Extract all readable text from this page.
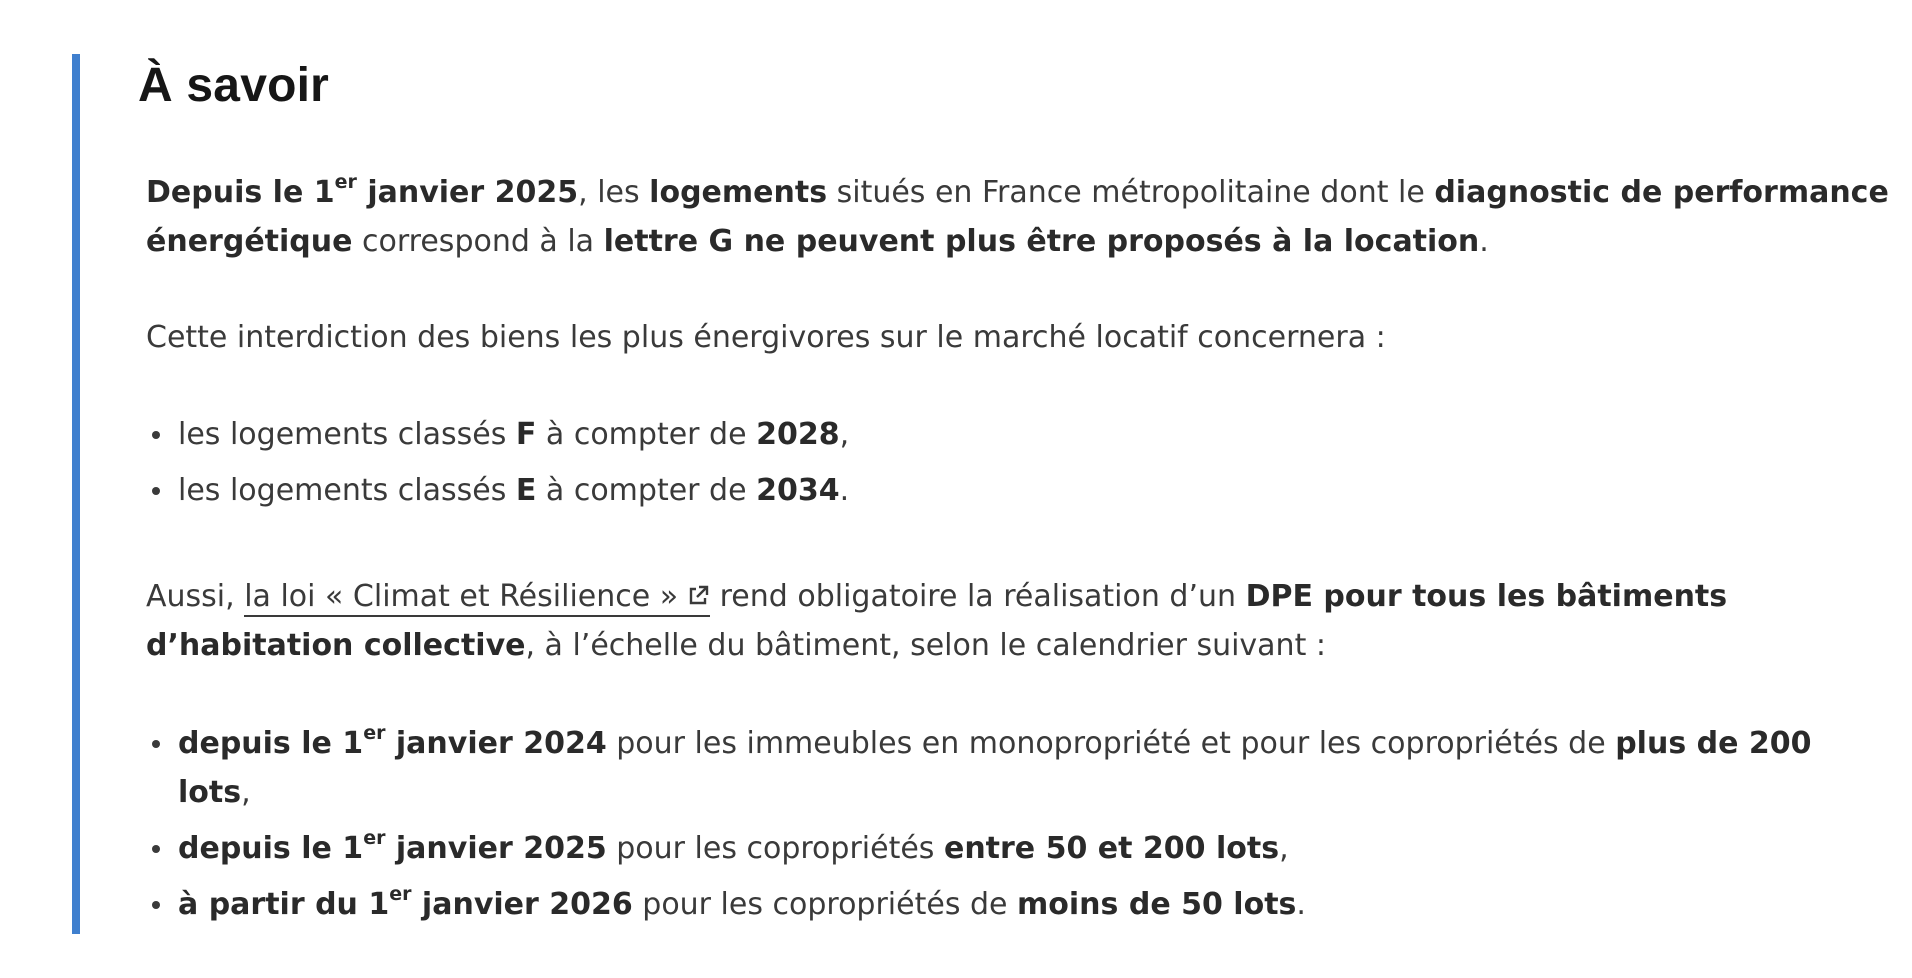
À savoir

Depuis le 1er janvier 2025, les logements situés en France métropolitaine dont le diagnostic de performance

énergétique correspond à la lettre G ne peuvent plus être proposés à la location.

Cette interdiction des biens les plus énergivores sur le marché locatif concernera :

les logements classés F à compter de 2028,
les logements classés E à compter de 2034.

Aussi, la loi « Climat et Résilience » rend obligatoire la réalisation d’un DPE pour tous les bâtiments

d’habitation collective, à l’échelle du bâtiment, selon le calendrier suivant :

depuis le 1er janvier 2024 pour les immeubles en monopropriété et pour les copropriétés de plus de 200
lots,
depuis le 1er janvier 2025 pour les copropriétés entre 50 et 200 lots,
à partir du 1er janvier 2026 pour les copropriétés de moins de 50 lots.
